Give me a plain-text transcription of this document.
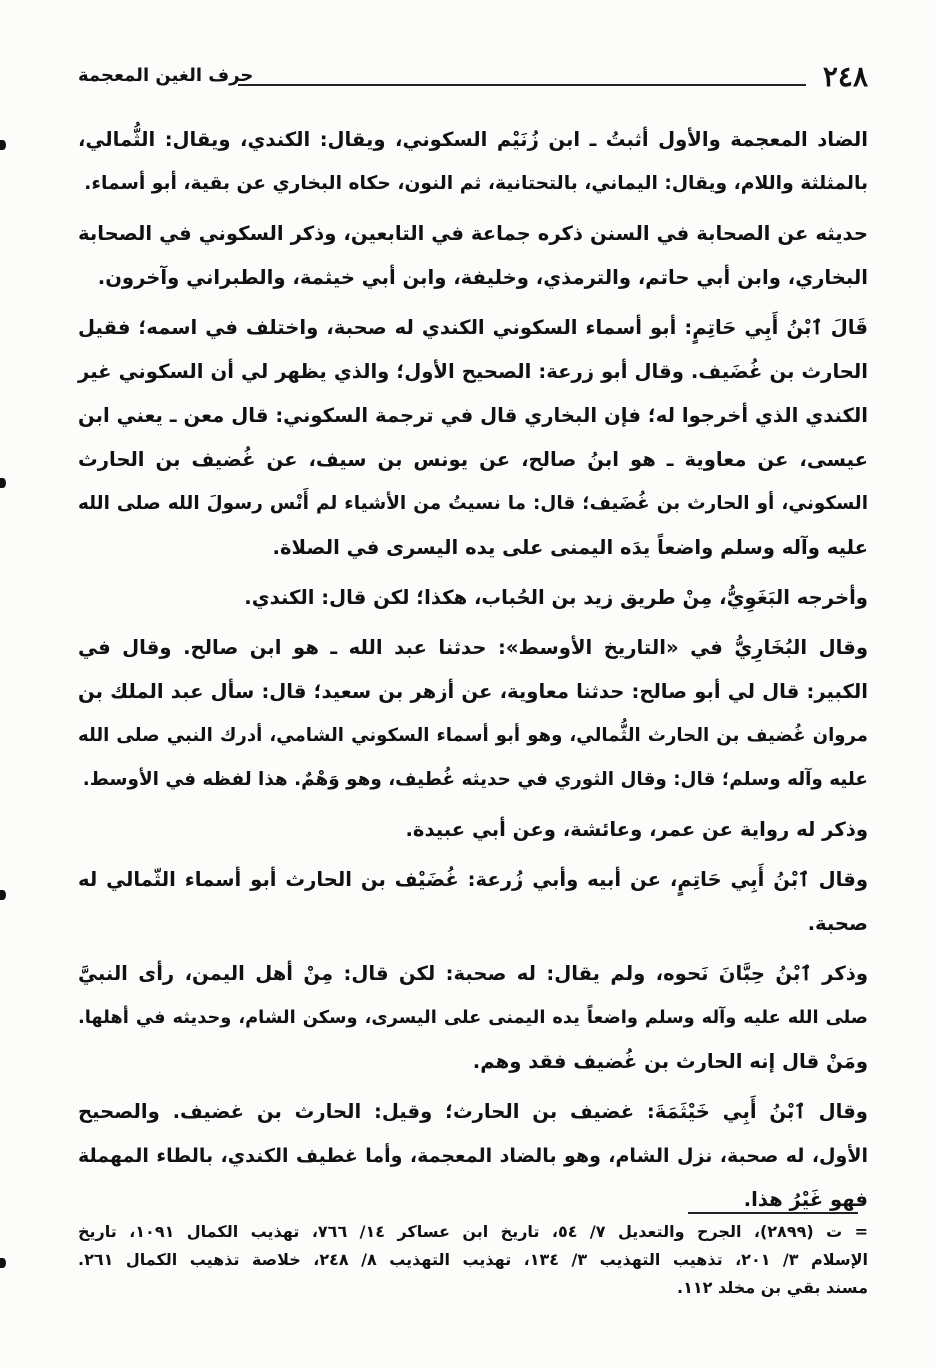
٢٤٨
حرف الغين المعجمة
الضاد المعجمة والأول أثبتُ ـ ابن زُنَيْم السكوني، ويقال: الكندي، ويقال: الثُّمالي،
بالمثلثة واللام، ويقال: اليماني، بالتحتانية، ثم النون، حكاه البخاري عن بقية، أبو أسماء.
حديثه عن الصحابة في السنن ذكره جماعة في التابعين، وذكر السكوني في الصحابة
البخاري، وابن أبي حاتم، والترمذي، وخليفة، وابن أبي خيثمة، والطبراني وآخرون.
قَالَ ٱبْنُ أَبِي حَاتِمٍ: أبو أسماء السكوني الكندي له صحبة، واختلف في اسمه؛ فقيل
الحارث بن غُضَيف. وقال أبو زرعة: الصحيح الأول؛ والذي يظهر لي أن السكوني غير
الكندي الذي أخرجوا له؛ فإن البخاري قال في ترجمة السكوني: قال معن ـ يعني ابن
عيسى، عن معاوية ـ هو ابنُ صالح، عن يونس بن سيف، عن غُضيف بن الحارث
السكوني، أو الحارث بن غُضَيف؛ قال: ما نسيتُ من الأشياء لم أَنْس رسولَ الله صلى الله
عليه وآله وسلم واضعاً يدَه اليمنى على يده اليسرى في الصلاة.
وأخرجه البَغَوِيُّ، مِنْ طريق زيد بن الحُباب، هكذا؛ لكن قال: الكندي.
وقال البُخَارِيُّ في «التاريخ الأوسط»: حدثنا عبد الله ـ هو ابن صالح. وقال في
الكبير: قال لي أبو صالح: حدثنا معاوية، عن أزهر بن سعيد؛ قال: سأل عبد الملك بن
مروان غُضيف بن الحارث الثُّمالي، وهو أبو أسماء السكوني الشامي، أدرك النبي صلى الله
عليه وآله وسلم؛ قال: وقال الثوري في حديثه غُطيف، وهو وَهْمٌ. هذا لفظه في الأوسط.
وذكر له رواية عن عمر، وعائشة، وعن أبي عبيدة.
وقال ٱبْنُ أَبِي حَاتِمٍ، عن أبيه وأبي زُرعة: غُضَيْف بن الحارث أبو أسماء الثّمالي له
صحبة.
وذكر ٱبْنُ حِبَّانَ نَحوه، ولم يقال: له صحبة: لكن قال: مِنْ أهل اليمن، رأى النبيَّ
صلى الله عليه وآله وسلم واضعاً يده اليمنى على اليسرى، وسكن الشام، وحديثه في أهلها.
ومَنْ قال إنه الحارث بن غُضيف فقد وهم.
وقال ٱبْنُ أَبِي خَيْثَمَةَ: غضيف بن الحارث؛ وقيل: الحارث بن غضيف. والصحيح
الأول، له صحبة، نزل الشام، وهو بالضاد المعجمة، وأما غطيف الكندي، بالطاء المهملة
فهو غَيْرُ هذا.
= ت (٢٨٩٩)، الجرح والتعديل ٧/ ٥٤، تاريخ ابن عساكر ١٤/ ٧٦٦، تهذيب الكمال ١٠٩١، تاريخ
الإسلام ٣/ ٢٠١، تذهيب التهذيب ٣/ ١٣٤، تهذيب التهذيب ٨/ ٢٤٨، خلاصة تذهيب الكمال ٢٦١.
مسند بقي بن مخلد ١١٢.
